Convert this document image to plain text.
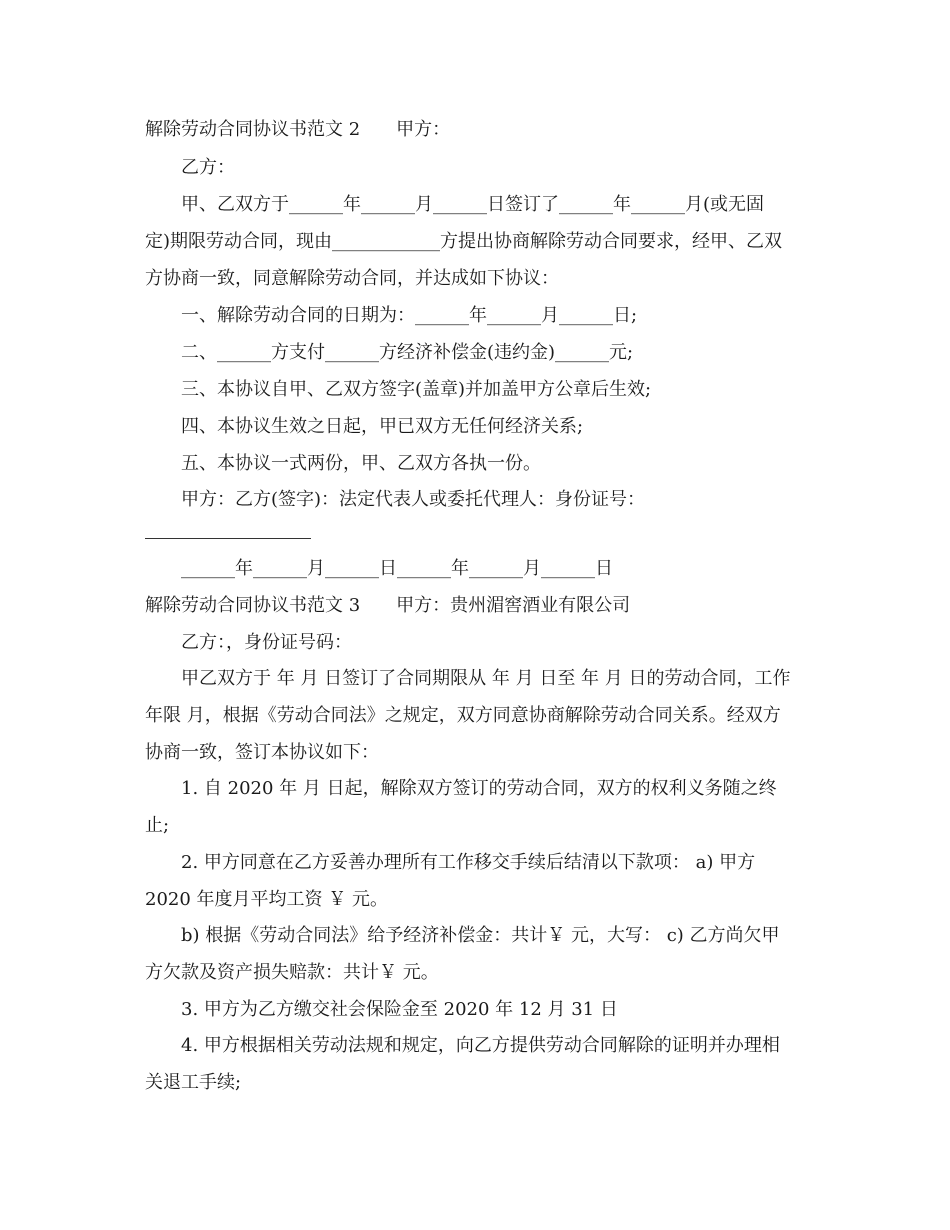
解除劳动合同协议书范文 2　　甲方：
乙方：
甲、乙双方于______年______月______日签订了______年______月(或无固
定)期限劳动合同，现由____________方提出协商解除劳动合同要求，经甲、乙双
方协商一致，同意解除劳动合同，并达成如下协议：
一、解除劳动合同的日期为：______年______月______日;
二、______方支付______方经济补偿金(违约金)______元;
三、本协议自甲、乙双方签字(盖章)并加盖甲方公章后生效;
四、本协议生效之日起，甲已双方无任何经济关系;
五、本协议一式两份，甲、乙双方各执一份。
甲方：乙方(签字)：法定代表人或委托代理人：身份证号：
______年______月______日______年______月______日
解除劳动合同协议书范文 3　　甲方：贵州湄窖酒业有限公司
乙方：，身份证号码：
甲乙双方于 年 月 日签订了合同期限从 年 月 日至 年 月 日的劳动合同，工作
年限 月，根据《劳动合同法》之规定，双方同意协商解除劳动合同关系。经双方
协商一致，签订本协议如下：
1. 自 2020 年 月 日起，解除双方签订的劳动合同，双方的权利义务随之终
止;
2. 甲方同意在乙方妥善办理所有工作移交手续后结清以下款项： a) 甲方
2020 年度月平均工资 ￥ 元。
b) 根据《劳动合同法》给予经济补偿金：共计￥ 元，大写： c) 乙方尚欠甲
方欠款及资产损失赔款：共计￥ 元。
3. 甲方为乙方缴交社会保险金至 2020 年 12 月 31 日
4. 甲方根据相关劳动法规和规定，向乙方提供劳动合同解除的证明并办理相
关退工手续;
